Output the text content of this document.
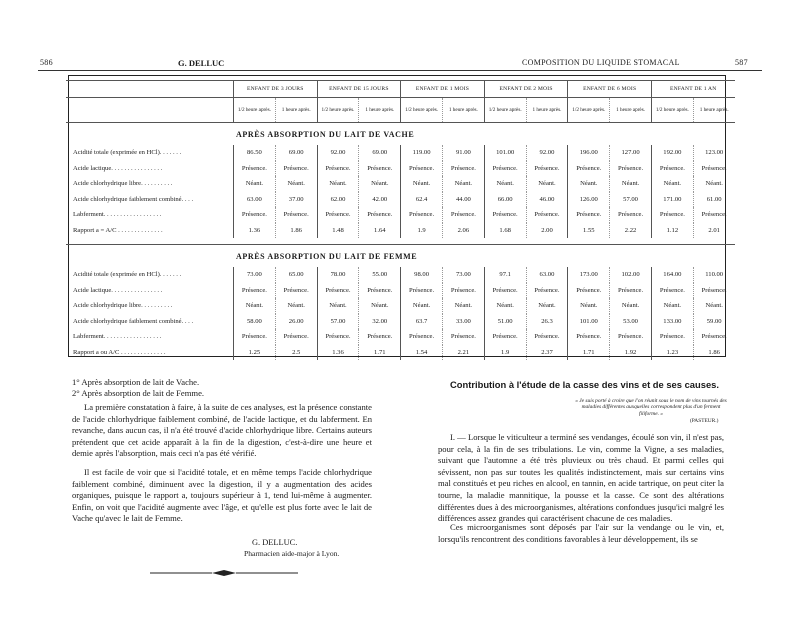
586	G. DELLUC	COMPOSITION DU LIQUIDE STOMACAL	587
	ENFANT DE 3 JOURS		ENFANT DE 15 JOURS		ENFANT DE 1 MOIS		ENFANT DE 2 MOIS		ENFANT DE 6 MOIS		ENFANT DE 1 AN	
	1/2 heure après.	1 heure après.	1/2 heure après.	1 heure après.	1/2 heure après.	1 heure après.	1/2 heure après.	1 heure après.	1/2 heure après.	1 heure après.	1/2 heure après.	1 heure après.
APRÈS ABSORPTION DU LAIT DE VACHE												
Acidité totale (exprimée en HCl). . . . . . .	86.50	69.00	92.00	69.00	119.00	91.00	101.00	92.00	196.00	127.00	192.00	123.00
Acide lactique. . . . . . . . . . . . . . . .	Présence.	Présence.	Présence.	Présence.	Présence.	Présence.	Présence.	Présence.	Présence.	Présence.	Présence.	Présence.
Acide chlorhydrique libre. . . . . . . . . .	Néant.	Néant.	Néant.	Néant.	Néant.	Néant.	Néant.	Néant.	Néant.	Néant.	Néant.	Néant.
Acide chlorhydrique faiblement combiné. . . .	63.00	37.00	62.00	42.00	62.4	44.00	66.00	46.00	126.00	57.00	171.00	61.00
Labferment. . . . . . . . . . . . . . . . . .	Présence.	Présence.	Présence.	Présence.	Présence.	Présence.	Présence.	Présence.	Présence.	Présence.	Présence.	Présence.
Rapport a = A/C . . . . . . . . . . . . . .	1.36	1.86	1.48	1.64	1.9	2.06	1.68	2.00	1.55	2.22	1.12	2.01

APRÈS ABSORPTION DU LAIT DE FEMME												
Acidité totale (exprimée en HCl). . . . . . .	73.00	65.00	78.00	55.00	98.00	73.00	97.1	63.00	173.00	102.00	164.00	110.00
Acide lactique. . . . . . . . . . . . . . . .	Présence.	Présence.	Présence.	Présence.	Présence.	Présence.	Présence.	Présence.	Présence.	Présence.	Présence.	Présence.
Acide chlorhydrique libre. . . . . . . . . .	Néant.	Néant.	Néant.	Néant.	Néant.	Néant.	Néant.	Néant.	Néant.	Néant.	Néant.	Néant.
Acide chlorhydrique faiblement combiné. . . .	58.00	26.00	57.00	32.00	63.7	33.00	51.00	26.3	101.00	53.00	133.00	59.00
Labferment. . . . . . . . . . . . . . . . . .	Présence.	Présence.	Présence.	Présence.	Présence.	Présence.	Présence.	Présence.	Présence.	Présence.	Présence.	Présence.
Rapport a ou A/C . . . . . . . . . . . . . .	1.25	2.5	1.36	1.71	1.54	2.21	1.9	2.37	1.71	1.92	1.23	1.86
1° Après absorption de lait de Vache.
2° Après absorption de lait de Femme.
La première constatation à faire, à la suite de ces analyses, est la présence constante de l'acide chlorhydrique faiblement combiné, de l'acide lactique, et du labferment. En revanche, dans aucun cas, il n'a été trouvé d'acide chlorhydrique libre. Certains auteurs prétendent que cet acide apparaît à la fin de la digestion, c'est-à-dire une heure et demie après l'absorption, mais ceci n'a pas été vérifié.
Il est facile de voir que si l'acidité totale, et en même temps l'acide chlorhydrique faiblement combiné, diminuent avec la digestion, il y a augmentation des acides organiques, puisque le rapport a, toujours supérieur à 1, tend lui-même à augmenter. Enfin, on voit que l'acidité augmente avec l'âge, et qu'elle est plus forte avec le lait de Vache qu'avec le lait de Femme.
G. DELLUC.
Pharmacien aide-major à Lyon.
Contribution à l'étude de la casse des vins et de ses causes.
« Je suis porté à croire que l'on réunit sous le nom de vins tournés des maladies différentes auxquelles correspondent plus d'un ferment filiforme. »
(PASTEUR.)
I. — Lorsque le viticulteur a terminé ses vendanges, écoulé son vin, il n'est pas, pour cela, à la fin de ses tribulations. Le vin, comme la Vigne, a ses maladies, suivant que l'automne a été très pluvieux ou très chaud. Et parmi celles qui sévissent, non pas sur toutes les qualités indistinctement, mais sur certains vins mal constitués et peu riches en alcool, en tannin, en acide tartrique, on peut citer la tourne, la maladie mannitique, la pousse et la casse. Ce sont des altérations différentes dues à des microorganismes, altérations confondues jusqu'ici malgré les différences assez grandes qui caractérisent chacune de ces maladies.
Ces microorganismes sont déposés par l'air sur la vendange ou le vin, et, lorsqu'ils rencontrent des conditions favorables à leur développement, ils se
